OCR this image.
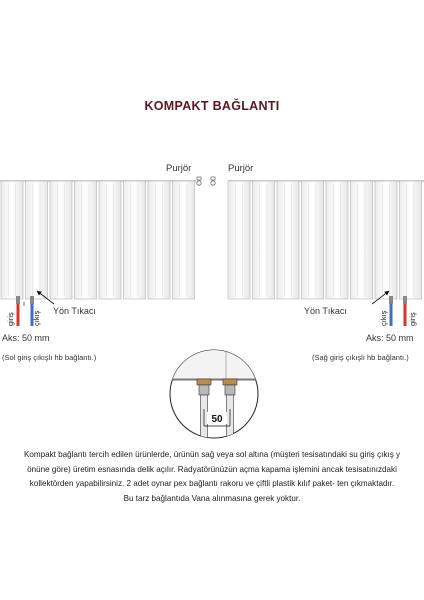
KOMPAKT BAĞLANTI
Purjör	Purjör
giriş çıkış	çıkış	giriş
Yön Tıkacı	Yön Tıkacı
Aks: 50 mm	Aks: 50 mm
(Sol giriş çıkışlı hb bağlantı.)	(Sağ giriş çıkışlı hb bağlantı.)
50
Kompakt bağlantı tercih edilen ürünlerde, ürünün sağ veya sol altına (müşteri tesisatındaki su giriş çıkış y
önüne göre) üretim esnasında delik açılır. Radyatörünüzün açma kapama işlemini ancak tesisatınızdaki
kollektörden yapabilirsiniz. 2 adet oynar pex bağlantı rakoru ve çiftli plastik kılıf paket- ten çıkmaktadır.
Bu tarz bağlantıda Vana alınmasına gerek yoktur.
